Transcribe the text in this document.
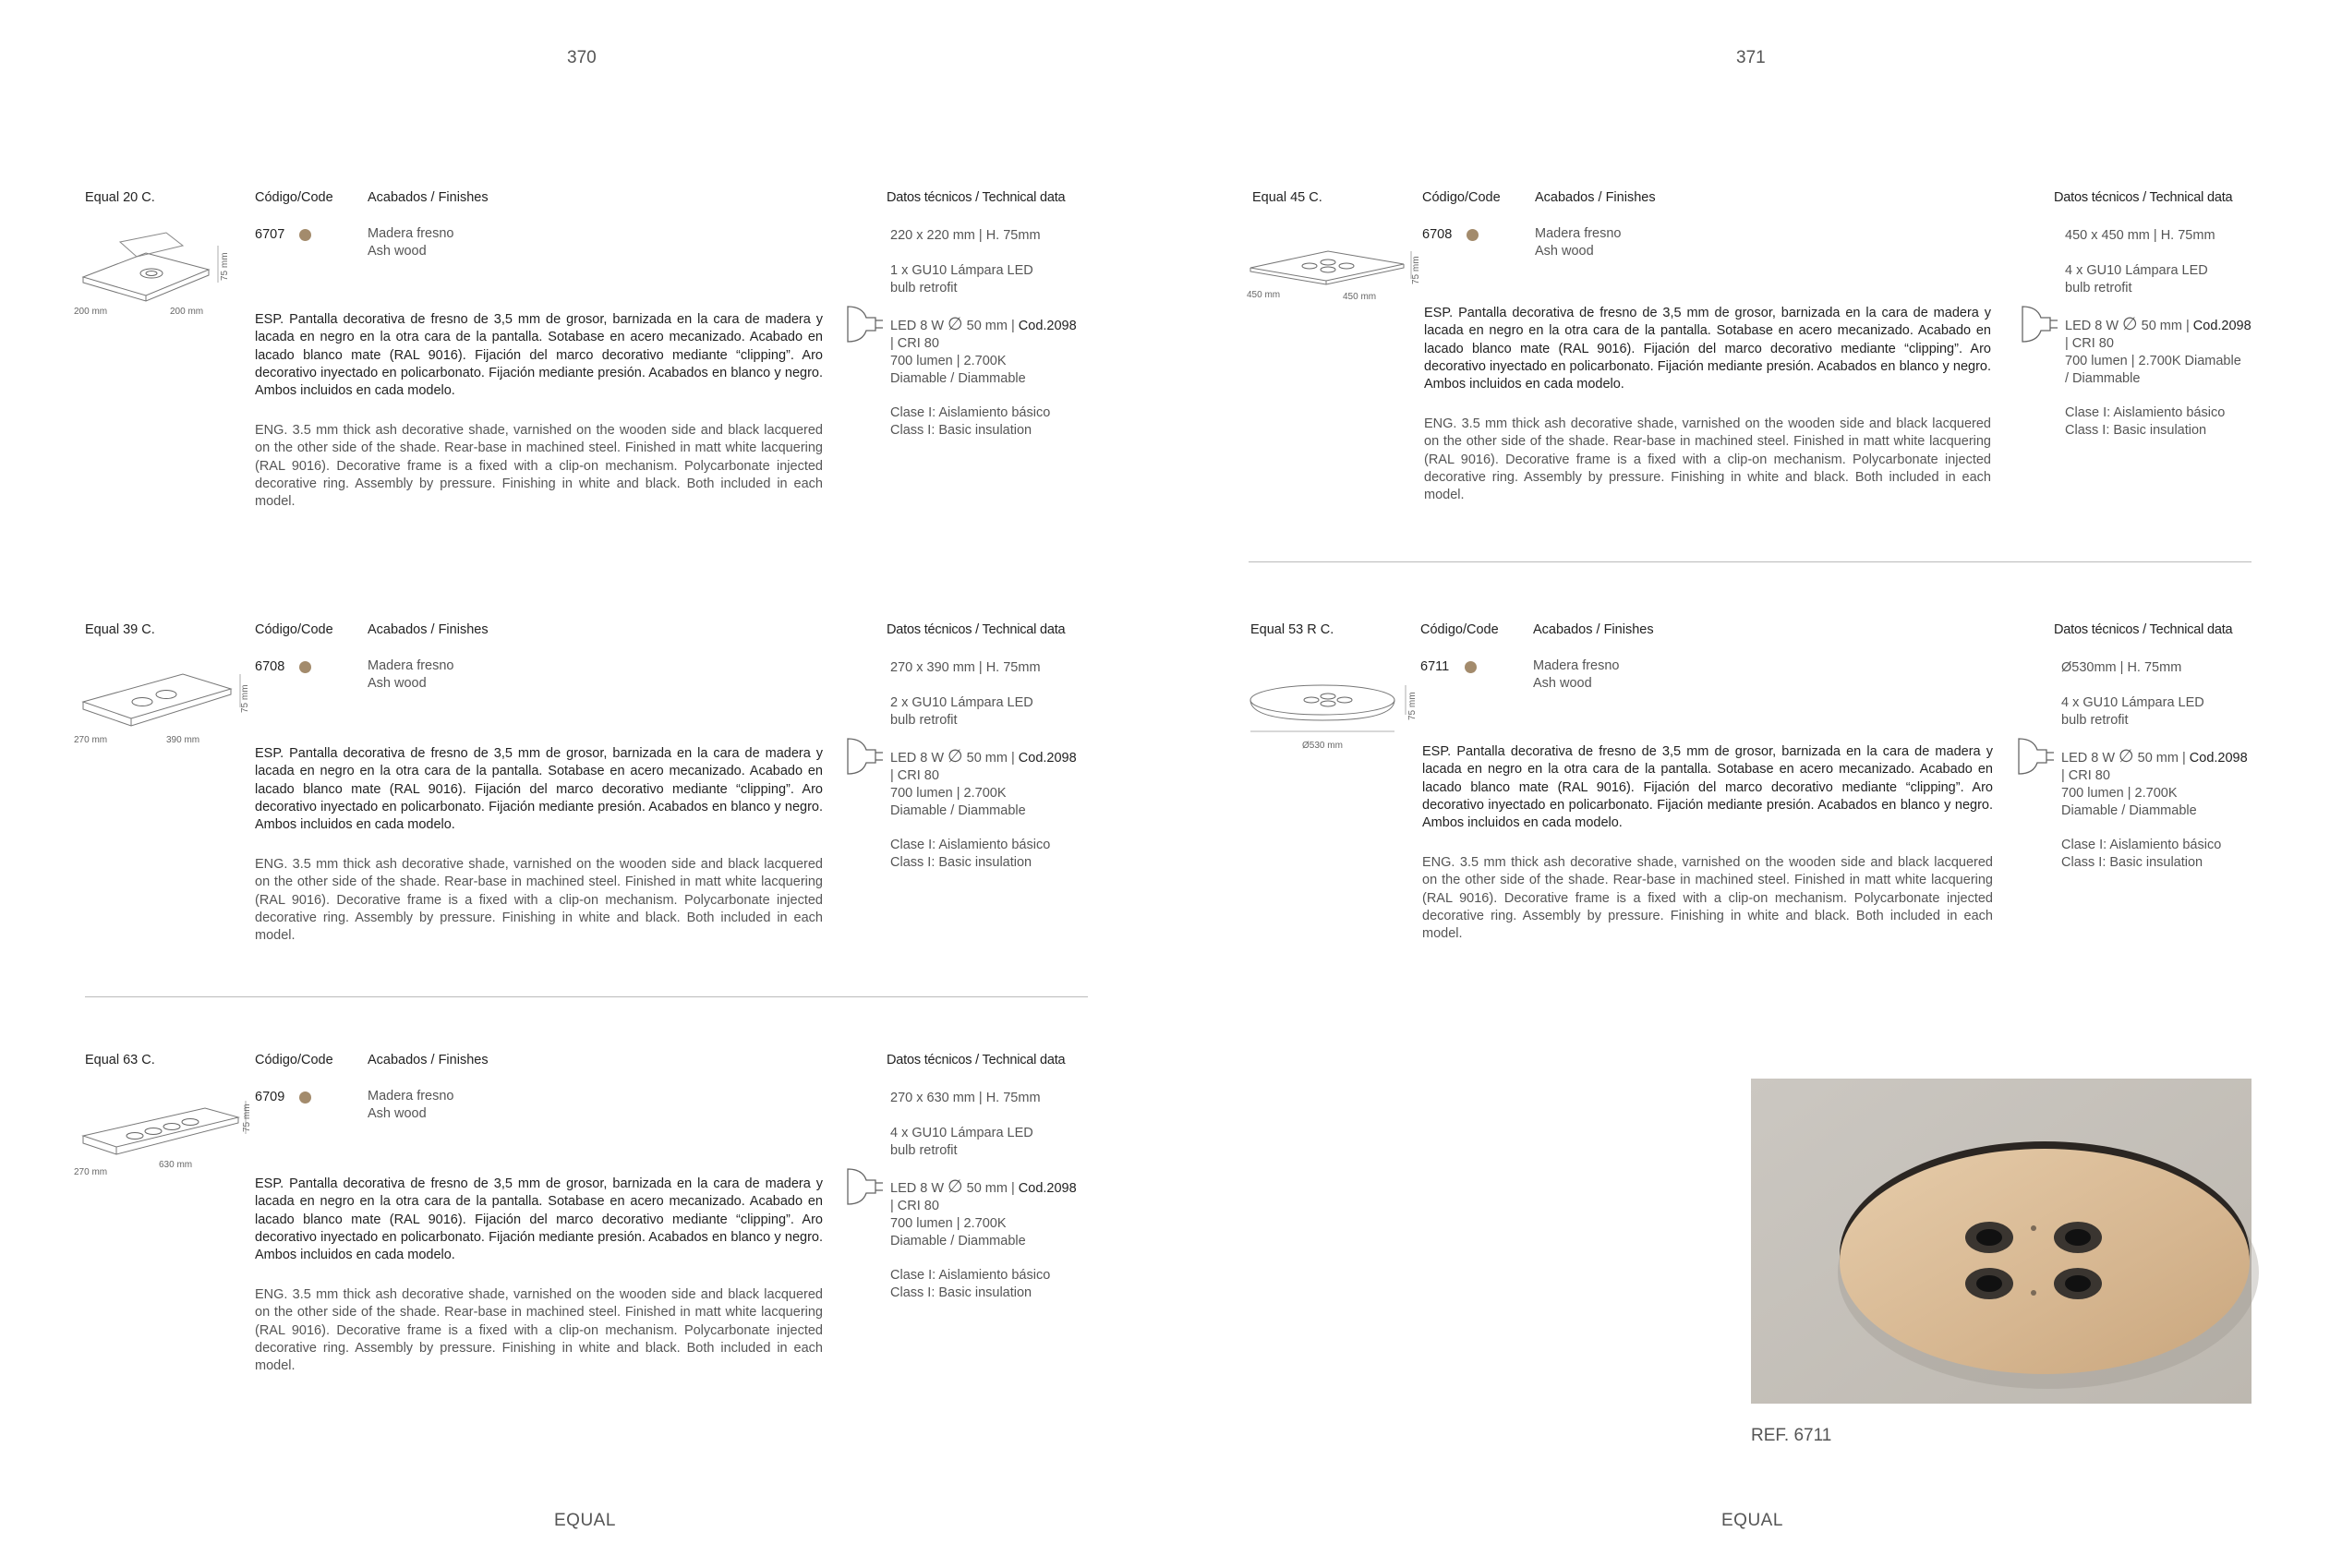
370	371
Equal 20 C.	Código/Code	Acabados / Finishes	Datos técnicos / Technical data
6707	Madera fresno
Ash wood
200 mm	200 mm
75 mm
ESP. Pantalla decorativa de fresno de 3,5 mm de grosor, barnizada en la cara de madera y lacada en negro en la otra cara de la pantalla. Sotabase en acero mecanizado. Acabado en lacado blanco mate (RAL 9016). Fijación del marco decorativo mediante “clipping”. Aro decorativo inyectado en policarbonato. Fijación mediante presión. Acabados en blanco y negro. Ambos incluidos en cada modelo.
ENG. 3.5 mm thick ash decorative shade, varnished on the wooden side and black lacquered on the other side of the shade. Rear-base in machined steel. Finished in matt white lacquering (RAL 9016). Decorative frame is a fixed with a clip-on mechanism. Polycarbonate injected decorative ring. Assembly by pressure. Finishing in white and black. Both included in each model.
220 x 220 mm | H. 75mm
1 x GU10 Lámpara LED
bulb retrofit
LED 8 W ∅ 50 mm | Cod.2098
| CRI 80
700 lumen | 2.700K
Diamable / Diammable
Clase I: Aislamiento básico
Class I: Basic insulation
Equal 39 C.	Código/Code	Acabados / Finishes	Datos técnicos / Technical data
6708	Madera fresno
Ash wood
270 mm	390 mm
75 mm
ESP. Pantalla decorativa de fresno de 3,5 mm de grosor, barnizada en la cara de madera y lacada en negro en la otra cara de la pantalla. Sotabase en acero mecanizado. Acabado en lacado blanco mate (RAL 9016). Fijación del marco decorativo mediante “clipping”. Aro decorativo inyectado en policarbonato. Fijación mediante presión. Acabados en blanco y negro. Ambos incluidos en cada modelo.
ENG. 3.5 mm thick ash decorative shade, varnished on the wooden side and black lacquered on the other side of the shade. Rear-base in machined steel. Finished in matt white lacquering (RAL 9016). Decorative frame is a fixed with a clip-on mechanism. Polycarbonate injected decorative ring. Assembly by pressure. Finishing in white and black. Both included in each model.
270 x 390 mm | H. 75mm
2 x GU10 Lámpara LED
bulb retrofit
LED 8 W ∅ 50 mm | Cod.2098
| CRI 80
700 lumen | 2.700K
Diamable / Diammable
Clase I: Aislamiento básico
Class I: Basic insulation
Equal 63 C.	Código/Code	Acabados / Finishes	Datos técnicos / Technical data
6709	Madera fresno
Ash wood
270 mm
630 mm
75 mm
ESP. Pantalla decorativa de fresno de 3,5 mm de grosor, barnizada en la cara de madera y lacada en negro en la otra cara de la pantalla. Sotabase en acero mecanizado. Acabado en lacado blanco mate (RAL 9016). Fijación del marco decorativo mediante “clipping”. Aro decorativo inyectado en policarbonato. Fijación mediante presión. Acabados en blanco y negro. Ambos incluidos en cada modelo.
ENG. 3.5 mm thick ash decorative shade, varnished on the wooden side and black lacquered on the other side of the shade. Rear-base in machined steel. Finished in matt white lacquering (RAL 9016). Decorative frame is a fixed with a clip-on mechanism. Polycarbonate injected decorative ring. Assembly by pressure. Finishing in white and black. Both included in each model.
270 x 630 mm | H. 75mm
4 x GU10 Lámpara LED
bulb retrofit
LED 8 W ∅ 50 mm | Cod.2098
| CRI 80
700 lumen | 2.700K
Diamable / Diammable
Clase I: Aislamiento básico
Class I: Basic insulation
Equal 45 C.	Código/Code	Acabados / Finishes	Datos técnicos / Technical data
6708	Madera fresno
Ash wood
450 mm	450 mm
75 mm
ESP. Pantalla decorativa de fresno de 3,5 mm de grosor, barnizada en la cara de madera y lacada en negro en la otra cara de la pantalla. Sotabase en acero mecanizado. Acabado en lacado blanco mate (RAL 9016). Fijación del marco decorativo mediante “clipping”. Aro decorativo inyectado en policarbonato. Fijación mediante presión. Acabados en blanco y negro. Ambos incluidos en cada modelo.
ENG. 3.5 mm thick ash decorative shade, varnished on the wooden side and black lacquered on the other side of the shade. Rear-base in machined steel. Finished in matt white lacquering (RAL 9016). Decorative frame is a fixed with a clip-on mechanism. Polycarbonate injected decorative ring. Assembly by pressure. Finishing in white and black. Both included in each model.
450 x 450 mm | H. 75mm
4 x GU10 Lámpara LED
bulb retrofit
LED 8 W ∅ 50 mm | Cod.2098
| CRI 80
700 lumen | 2.700K Diamable
/ Diammable
Clase I: Aislamiento básico
Class I: Basic insulation
Equal 53 R C.	Código/Code	Acabados / Finishes	Datos técnicos / Technical data
6711	Madera fresno
Ash wood
Ø530 mm
75 mm
ESP. Pantalla decorativa de fresno de 3,5 mm de grosor, barnizada en la cara de madera y lacada en negro en la otra cara de la pantalla. Sotabase en acero mecanizado. Acabado en lacado blanco mate (RAL 9016). Fijación del marco decorativo mediante “clipping”. Aro decorativo inyectado en policarbonato. Fijación mediante presión. Acabados en blanco y negro. Ambos incluidos en cada modelo.
ENG. 3.5 mm thick ash decorative shade, varnished on the wooden side and black lacquered on the other side of the shade. Rear-base in machined steel. Finished in matt white lacquering (RAL 9016). Decorative frame is a fixed with a clip-on mechanism. Polycarbonate injected decorative ring. Assembly by pressure. Finishing in white and black. Both included in each model.
Ø530mm | H. 75mm
4 x GU10 Lámpara LED
bulb retrofit
LED 8 W ∅ 50 mm | Cod.2098
| CRI 80
700 lumen | 2.700K
Diamable / Diammable
Clase I: Aislamiento básico
Class I: Basic insulation
REF. 6711
EQUAL	EQUAL
